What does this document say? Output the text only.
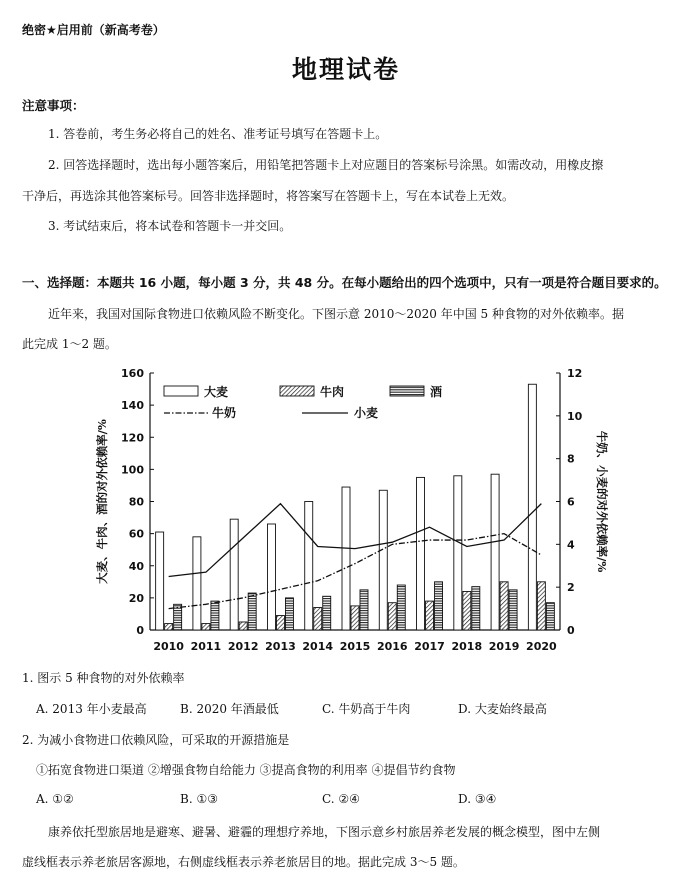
绝密★启用前（新高考卷）
地理试卷
注意事项：
1. 答卷前，考生务必将自己的姓名、准考证号填写在答题卡上。
2. 回答选择题时，选出每小题答案后，用铅笔把答题卡上对应题目的答案标号涂黑。如需改动，用橡皮擦
干净后，再选涂其他答案标号。回答非选择题时，将答案写在答题卡上，写在本试卷上无效。
3. 考试结束后，将本试卷和答题卡一并交回。
一、选择题：本题共 16 小题，每小题 3 分，共 48 分。在每小题给出的四个选项中，只有一项是符合题目要求的。
近年来，我国对国际食物进口依赖风险不断变化。下图示意 2010～2020 年中国 5 种食物的对外依赖率。据
此完成 1～2 题。
0
20
40
60
80
100
120
140
160
0
2
4
6
8
10
12
2010 2011 2012 2013 2014 2015 2016 2017 2018 2019 2020
大麦、牛肉、酒的对外依赖率/%	牛奶、小麦的对外依赖率/%
大麦	牛肉	酒
牛奶	小麦
1. 图示 5 种食物的对外依赖率
A. 2013 年小麦最高	B. 2020 年酒最低	C. 牛奶高于牛肉	D. 大麦始终最高
2. 为减小食物进口依赖风险，可采取的开源措施是
①拓宽食物进口渠道 ②增强食物自给能力 ③提高食物的利用率 ④提倡节约食物
A. ①②	B. ①③	C. ②④	D. ③④
康养依托型旅居地是避寒、避暑、避霾的理想疗养地，下图示意乡村旅居养老发展的概念模型，图中左侧
虚线框表示养老旅居客源地，右侧虚线框表示养老旅居目的地。据此完成 3～5 题。
